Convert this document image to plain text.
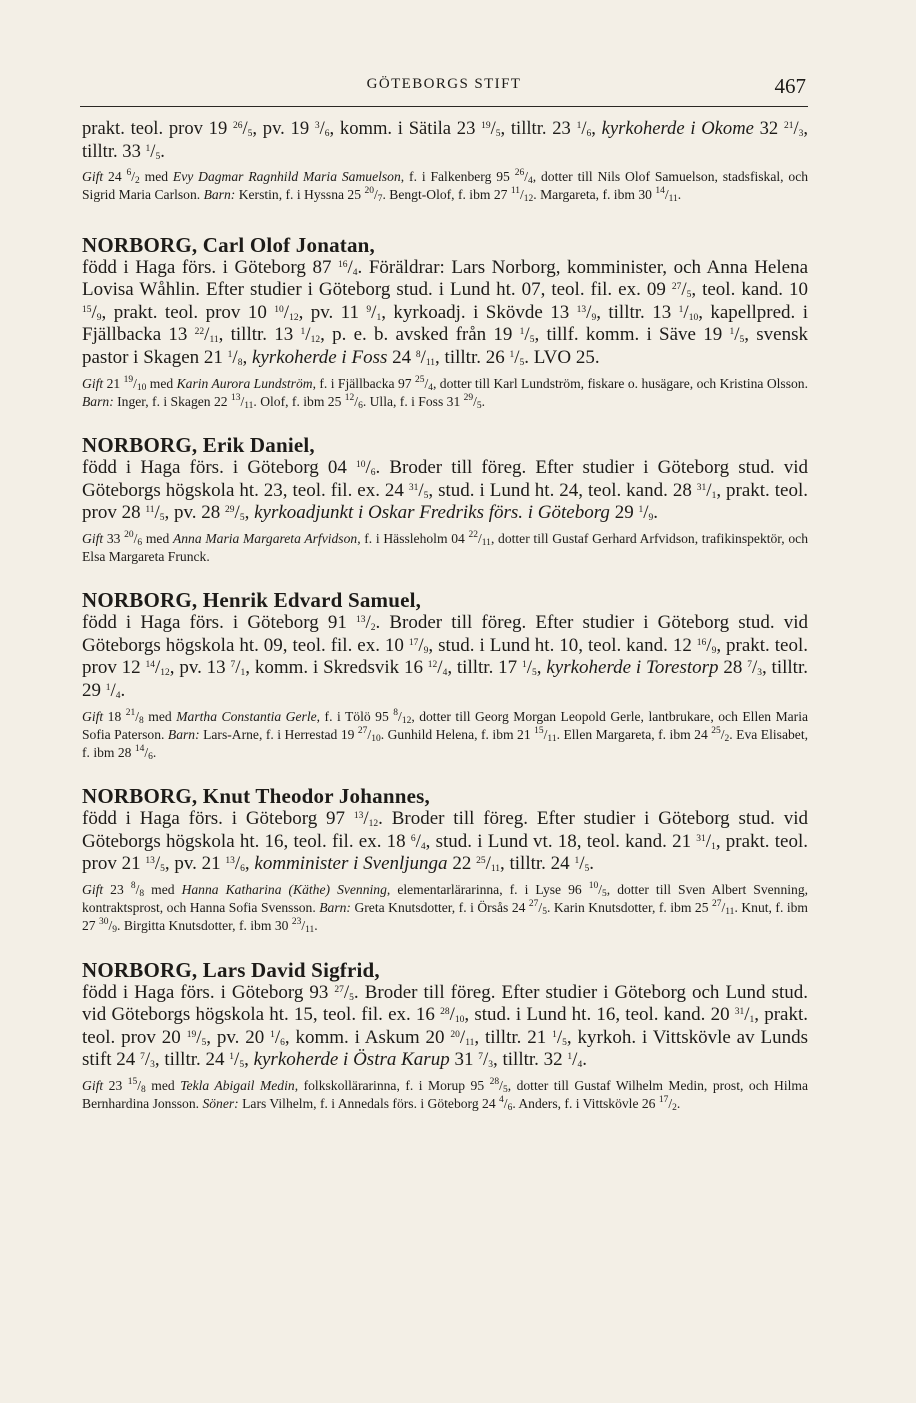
GÖTEBORGS STIFT	467
prakt. teol. prov 19 $^{26}/_5$, pv. 19 $^3/_6$, komm. i Sätila 23 $^{19}/_5$, tilltr. 23 $^1/_6$, kyrkoherde i Okome 32 $^{21}/_3$, tilltr. 33 $^1/_5$.
Gift 24 $^6/_2$ med Evy Dagmar Ragnhild Maria Samuelson, f. i Falkenberg 95 $^{26}/_4$, dotter till Nils Olof Samuelson, stadsfiskal, och Sigrid Maria Carlson. Barn: Kerstin, f. i Hyssna 25 $^{20}/_7$. Bengt-Olof, f. ibm 27 $^{11}/_{12}$. Margareta, f. ibm 30 $^{14}/_{11}$.
NORBORG, Carl Olof Jonatan,
född i Haga förs. i Göteborg 87 $^{16}/_4$. Föräldrar: Lars Norborg, komminister, och Anna Helena Lovisa Wåhlin. Efter studier i Göteborg stud. i Lund ht. 07, teol. fil. ex. 09 $^{27}/_5$, teol. kand. 10 $^{15}/_9$, prakt. teol. prov 10 $^{10}/_{12}$, pv. 11 $^9/_1$, kyrkoadj. i Skövde 13 $^{13}/_9$, tilltr. 13 $^1/_{10}$, kapellpred. i Fjällbacka 13 $^{22}/_{11}$, tilltr. 13 $^1/_{12}$, p. e. b. avsked från 19 $^1/_5$, tillf. komm. i Säve 19 $^1/_5$, svensk pastor i Skagen 21 $^1/_8$, kyrkoherde i Foss 24 $^8/_{11}$, tilltr. 26 $^1/_5$. LVO 25.
Gift 21 $^{19}/_{10}$ med Karin Aurora Lundström, f. i Fjällbacka 97 $^{25}/_4$, dotter till Karl Lundström, fiskare o. husägare, och Kristina Olsson. Barn: Inger, f. i Skagen 22 $^{13}/_{11}$. Olof, f. ibm 25 $^{12}/_6$. Ulla, f. i Foss 31 $^{29}/_5$.
NORBORG, Erik Daniel,
född i Haga förs. i Göteborg 04 $^{10}/_6$. Broder till föreg. Efter studier i Göteborg stud. vid Göteborgs högskola ht. 23, teol. fil. ex. 24 $^{31}/_5$, stud. i Lund ht. 24, teol. kand. 28 $^{31}/_1$, prakt. teol. prov 28 $^{11}/_5$, pv. 28 $^{29}/_5$, kyrkoadjunkt i Oskar Fredriks förs. i Göteborg 29 $^1/_9$.
Gift 33 $^{20}/_6$ med Anna Maria Margareta Arfvidson, f. i Hässleholm 04 $^{22}/_{11}$, dotter till Gustaf Gerhard Arfvidson, trafikinspektör, och Elsa Margareta Frunck.
NORBORG, Henrik Edvard Samuel,
född i Haga förs. i Göteborg 91 $^{13}/_2$. Broder till föreg. Efter studier i Göteborg stud. vid Göteborgs högskola ht. 09, teol. fil. ex. 10 $^{17}/_9$, stud. i Lund ht. 10, teol. kand. 12 $^{16}/_9$, prakt. teol. prov 12 $^{14}/_{12}$, pv. 13 $^7/_1$, komm. i Skredsvik 16 $^{12}/_4$, tilltr. 17 $^1/_5$, kyrkoherde i Torestorp 28 $^7/_3$, tilltr. 29 $^1/_4$.
Gift 18 $^{21}/_8$ med Martha Constantia Gerle, f. i Tölö 95 $^8/_{12}$, dotter till Georg Morgan Leopold Gerle, lantbrukare, och Ellen Maria Sofia Paterson. Barn: Lars-Arne, f. i Herrestad 19 $^{27}/_{10}$. Gunhild Helena, f. ibm 21 $^{15}/_{11}$. Ellen Margareta, f. ibm 24 $^{25}/_2$. Eva Elisabet, f. ibm 28 $^{14}/_6$.
NORBORG, Knut Theodor Johannes,
född i Haga förs. i Göteborg 97 $^{13}/_{12}$. Broder till föreg. Efter studier i Göteborg stud. vid Göteborgs högskola ht. 16, teol. fil. ex. 18 $^6/_4$, stud. i Lund vt. 18, teol. kand. 21 $^{31}/_1$, prakt. teol. prov 21 $^{13}/_5$, pv. 21 $^{13}/_6$, komminister i Svenljunga 22 $^{25}/_{11}$, tilltr. 24 $^1/_5$.
Gift 23 $^8/_8$ med Hanna Katharina (Käthe) Svenning, elementarlärarinna, f. i Lyse 96 $^{10}/_5$, dotter till Sven Albert Svenning, kontraktsprost, och Hanna Sofia Svensson. Barn: Greta Knutsdotter, f. i Örsås 24 $^{27}/_5$. Karin Knutsdotter, f. ibm 25 $^{27}/_{11}$. Knut, f. ibm 27 $^{30}/_9$. Birgitta Knutsdotter, f. ibm 30 $^{23}/_{11}$.
NORBORG, Lars David Sigfrid,
född i Haga förs. i Göteborg 93 $^{27}/_5$. Broder till föreg. Efter studier i Göteborg och Lund stud. vid Göteborgs högskola ht. 15, teol. fil. ex. 16 $^{28}/_{10}$, stud. i Lund ht. 16, teol. kand. 20 $^{31}/_1$, prakt. teol. prov 20 $^{19}/_5$, pv. 20 $^1/_6$, komm. i Askum 20 $^{20}/_{11}$, tilltr. 21 $^1/_5$, kyrkoh. i Vittskövle av Lunds stift 24 $^7/_3$, tilltr. 24 $^1/_5$, kyrkoherde i Östra Karup 31 $^7/_3$, tilltr. 32 $^1/_4$.
Gift 23 $^{15}/_8$ med Tekla Abigail Medin, folkskollärarinna, f. i Morup 95 $^{28}/_5$, dotter till Gustaf Wilhelm Medin, prost, och Hilma Bernhardina Jonsson. Söner: Lars Vilhelm, f. i Annedals förs. i Göteborg 24 $^4/_6$. Anders, f. i Vittskövle 26 $^{17}/_2$.
